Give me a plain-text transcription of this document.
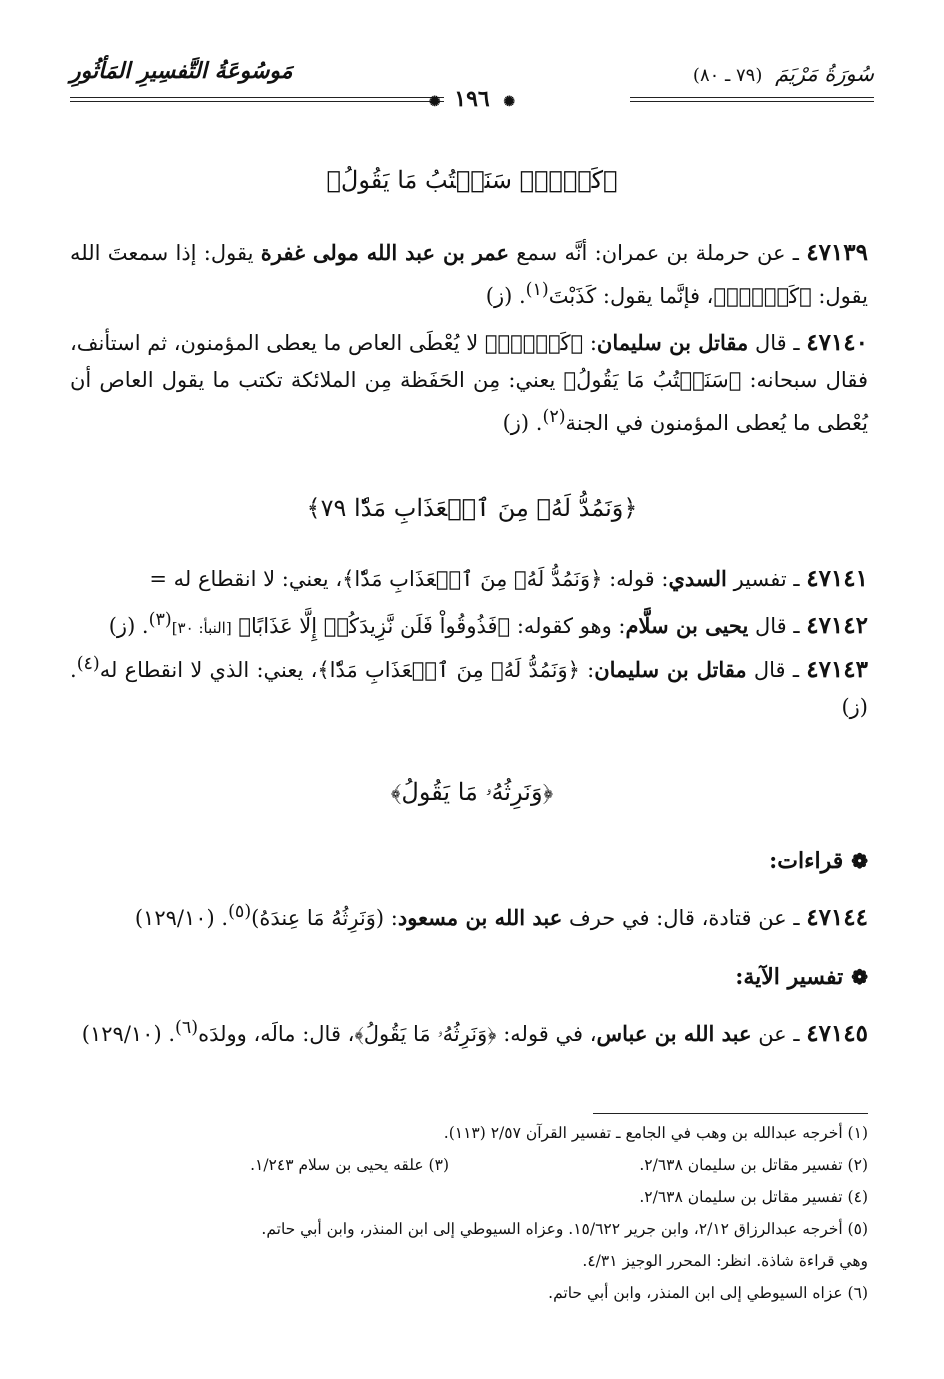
سُورَةُ مَرْيَمَ (٧٩ ـ ٨٠)
مَوسُوعَةُ التَّفسِيرِ المَأثُورِ
✺ ١٩٦ ✺
﴿كَلَّاۚ سَنَكۡتُبُ مَا يَقُولُ﴾
٤٧١٣٩ ـ عن حرملة بن عمران: أنَّه سمع عمر بن عبد الله مولى غفرة يقول: إذا سمعتَ الله يقول: ﴿كَلَّاۚ﴾، فإنَّما يقول: كَذَبْتَ$^{(١)}$. (ز)
٤٧١٤٠ ـ قال مقاتل بن سليمان: ﴿كَلَّاۚ﴾ لا يُعْطَى العاص ما يعطى المؤمنون، ثم استأنف، فقال سبحانه: ﴿سَنَكۡتُبُ مَا يَقُولُ﴾ يعني: مِن الحَفَظة مِن الملائكة تكتب ما يقول العاص أن يُعْطى ما يُعطى المؤمنون في الجنة$^{(٢)}$. (ز)
﴿وَنَمُدُّ لَهُۥ مِنَ ٱلۡعَذَابِ مَدّٗا ٧٩﴾
٤٧١٤١ ـ تفسير السدي: قوله: ﴿وَنَمُدُّ لَهُۥ مِنَ ٱلۡعَذَابِ مَدّٗا﴾، يعني: لا انقطاع له =
٤٧١٤٢ ـ قال يحيى بن سلَّام: وهو كقوله: ﴿فَذُوقُواْ فَلَن نَّزِيدَكُمۡ إِلَّا عَذَابًا﴾ [النبأ: ٣٠]$^{(٣)}$. (ز)
٤٧١٤٣ ـ قال مقاتل بن سليمان: ﴿وَنَمُدُّ لَهُۥ مِنَ ٱلۡعَذَابِ مَدّٗا﴾، يعني: الذي لا انقطاع له$^{(٤)}$. (ز)
﴿وَنَرِثُهُۥ مَا يَقُولُ﴾
❁قراءات:
٤٧١٤٤ ـ عن قتادة، قال: في حرف عبد الله بن مسعود: (وَنَرِثُهُ مَا عِندَهُ)$^{(٥)}$. (١٢٩/١٠)
❁تفسير الآية:
٤٧١٤٥ ـ عن عبد الله بن عباس، في قوله: ﴿وَنَرِثُهُۥ مَا يَقُولُ﴾، قال: مالَه، وولدَه$^{(٦)}$. (١٢٩/١٠)
(١) أخرجه عبدالله بن وهب في الجامع ـ تفسير القرآن ٢/٥٧ (١١٣).
(٢) تفسير مقاتل بن سليمان ٢/٦٣٨.
(٣) علقه يحيى بن سلام ١/٢٤٣.
(٤) تفسير مقاتل بن سليمان ٢/٦٣٨.
(٥) أخرجه عبدالرزاق ٢/١٢، وابن جرير ١٥/٦٢٢. وعزاه السيوطي إلى ابن المنذر، وابن أبي حاتم.
وهي قراءة شاذة. انظر: المحرر الوجيز ٤/٣١.
(٦) عزاه السيوطي إلى ابن المنذر، وابن أبي حاتم.
